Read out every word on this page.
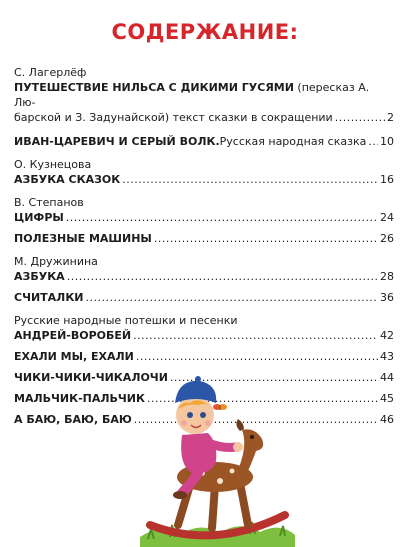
СОДЕРЖАНИЕ:
С. Лагерлёф
ПУТЕШЕСТВИЕ НИЛЬСА С ДИКИМИ ГУСЯМИ (пересказ А. Лю-
барской и З. Задунайской) текст сказки в сокращении .....	2
ИВАН-ЦАРЕВИЧ И СЕРЫЙ ВОЛК. Русская народная сказка ..... 10
О. Кузнецова
АЗБУКА СКАЗОК .....	16
В. Степанов
ЦИФРЫ .....	24
ПОЛЕЗНЫЕ МАШИНЫ .....	26
М. Дружинина
АЗБУКА .....	28
СЧИТАЛКИ .....	36
Русские народные потешки и песенки
АНДРЕЙ-ВОРОБЕЙ .....	42
ЕХАЛИ МЫ, ЕХАЛИ .....	43
ЧИКИ-ЧИКИ-ЧИКАЛОЧИ .....	44
МАЛЬЧИК-ПАЛЬЧИК .....	45
А БАЮ, БАЮ, БАЮ .....	46
